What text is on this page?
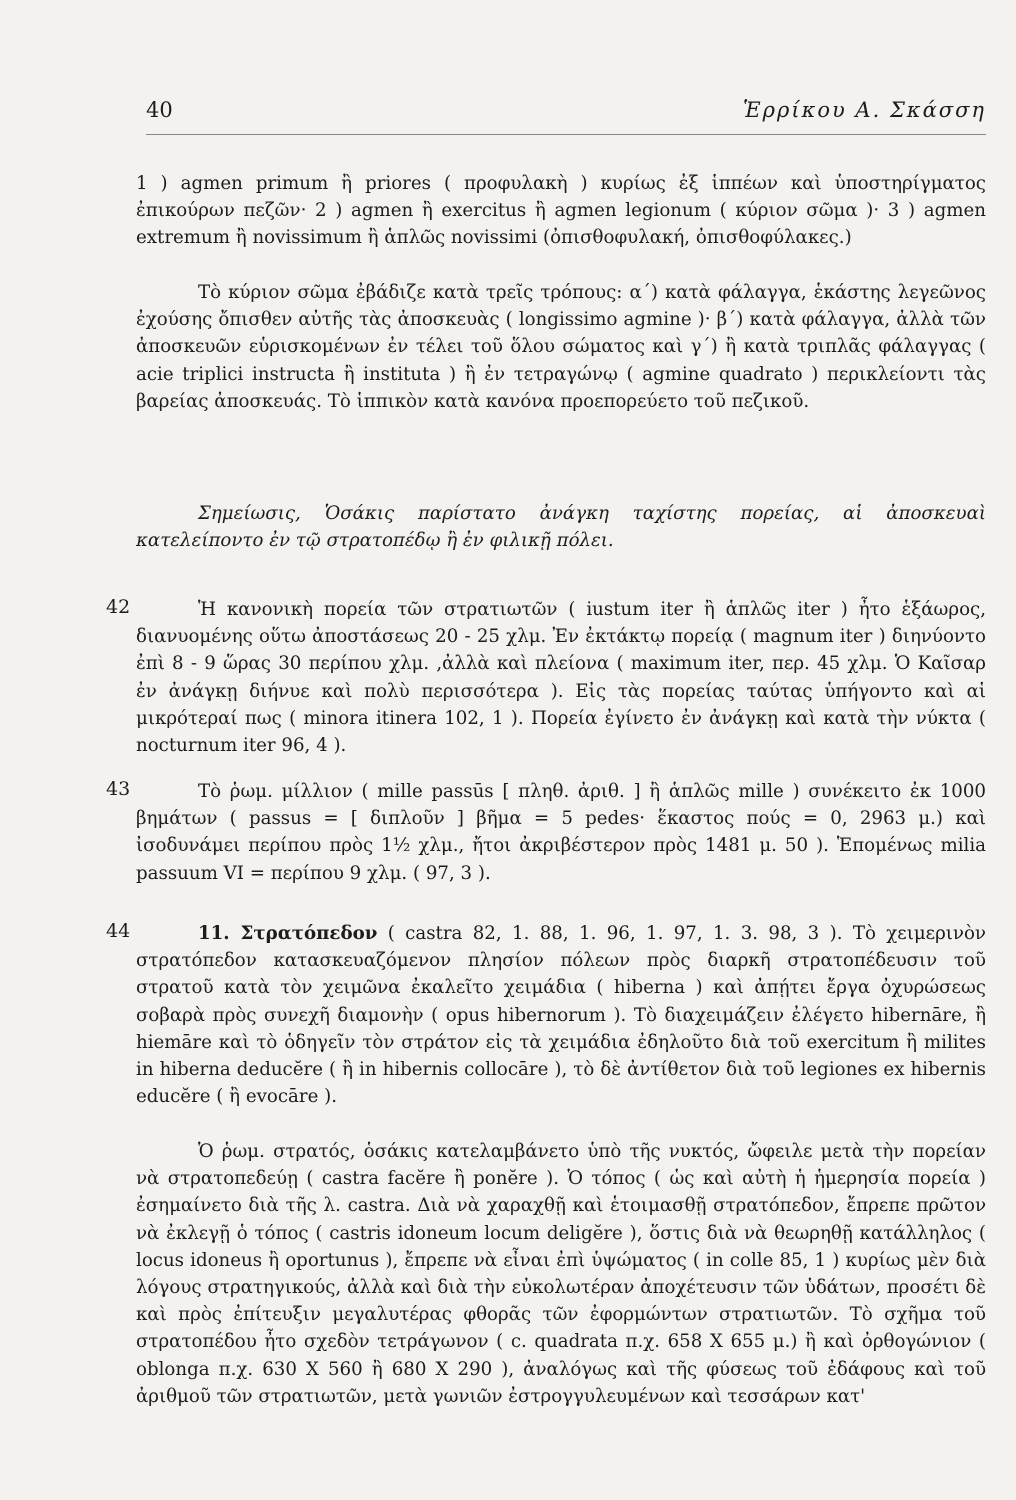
40	Ἑρρίκου Α. Σκάσση

1 ) agmen primum ἢ priores ( προφυλακὴ ) κυρίως ἐξ ἱππέων καὶ ὑποστηρίγματος ἐπικούρων πεζῶν· 2 ) agmen ἢ exercitus ἢ agmen legionum ( κύριον σῶμα )· 3 ) agmen extremum ἢ novissimum ἢ ἁπλῶς novissimi (ὀπισθοφυλακή, ὀπισθοφύλακες.)

Τὸ κύριον σῶμα ἐβάδιζε κατὰ τρεῖς τρόπους: α΄) κατὰ φάλαγγα, ἑκάστης λεγεῶνος ἐχούσης ὄπισθεν αὐτῆς τὰς ἀποσκευὰς ( longissimo agmine )· β΄) κατὰ φάλαγγα, ἀλλὰ τῶν ἀποσκευῶν εὑρισκομένων ἐν τέλει τοῦ ὅλου σώματος καὶ γ΄) ἢ κατὰ τριπλᾶς φάλαγγας ( acie triplici instructa ἢ instituta ) ἢ ἐν τετραγώνῳ ( agmine quadrato ) περικλείοντι τὰς βαρείας ἀποσκευάς. Τὸ ἱππικὸν κατὰ κανόνα προεπορεύετο τοῦ πεζικοῦ.

Σημείωσις, Ὁσάκις παρίστατο ἀνάγκη ταχίστης πορείας, αἱ ἀποσκευαὶ κατελείποντο ἐν τῷ στρατοπέδῳ ἢ ἐν φιλικῇ πόλει.

42	Ἡ κανονικὴ πορεία τῶν στρατιωτῶν ( iustum iter ἢ ἁπλῶς iter ) ἦτο ἑξάωρος, διανυομένης οὕτω ἀποστάσεως 20 - 25 χλμ. Ἐν ἐκτάκτῳ πορείᾳ ( magnum iter ) διηνύοντο ἐπὶ 8 - 9 ὥρας 30 περίπου χλμ. ,ἀλλὰ καὶ πλείονα ( maximum iter, περ. 45 χλμ. Ὁ Καῖσαρ ἐν ἀνάγκῃ διήνυε καὶ πολὺ περισσότερα ). Εἰς τὰς πορείας ταύτας ὑπήγοντο καὶ αἱ μικρότεραί πως ( minora itinera 102, 1 ). Πορεία ἐγίνετο ἐν ἀνάγκῃ καὶ κατὰ τὴν νύκτα ( nocturnum iter 96, 4 ).

43	Τὸ ῥωμ. μίλλιον ( mille passūs [ πληθ. ἀριθ. ] ἢ ἁπλῶς mille ) συνέκειτο ἐκ 1000 βημάτων ( passus = [ διπλοῦν ] βῆμα = 5 pedes· ἕκαστος πούς = 0, 2963 μ.) καὶ ἰσοδυνάμει περίπου πρὸς 1½ χλμ., ἤτοι ἀκριβέστερον πρὸς 1481 μ. 50 ). Ἑπομένως milia passuum VI = περίπου 9 χλμ. ( 97, 3 ).

44	11. Στρατόπεδον ( castra 82, 1. 88, 1. 96, 1. 97, 1. 3. 98, 3 ). Τὸ χειμερινὸν στρατόπεδον κατασκευαζόμενον πλησίον πόλεων πρὸς διαρκῆ στρατοπέδευσιν τοῦ στρατοῦ κατὰ τὸν χειμῶνα ἐκαλεῖτο χειμάδια ( hiberna ) καὶ ἀπῄτει ἔργα ὀχυρώσεως σοβαρὰ πρὸς συνεχῆ διαμονὴν ( opus hibernorum ). Τὸ διαχειμάζειν ἐλέγετο hibernāre, ἢ hiemāre καὶ τὸ ὁδηγεῖν τὸν στράτον εἰς τὰ χειμάδια ἐδηλοῦτο διὰ τοῦ exercitum ἢ milites in hiberna deducĕre ( ἢ in hibernis collocāre ), τὸ δὲ ἀντίθετον διὰ τοῦ legiones ex hibernis educĕre ( ἢ evocāre ).

Ὁ ῥωμ. στρατός, ὁσάκις κατελαμβάνετο ὑπὸ τῆς νυκτός, ὤφειλε μετὰ τὴν πορείαν νὰ στρατοπεδεύῃ ( castra facĕre ἢ ponĕre ). Ὁ τόπος ( ὡς καὶ αὐτὴ ἡ ἡμερησία πορεία ) ἐσημαίνετο διὰ τῆς λ. castra. Διὰ νὰ χαραχθῇ καὶ ἑτοιμασθῇ στρατόπεδον, ἔπρεπε πρῶτον νὰ ἐκλεγῇ ὁ τόπος ( castris idoneum locum deligĕre ), ὅστις διὰ νὰ θεωρηθῇ κατάλληλος ( locus idoneus ἢ oportunus ), ἔπρεπε νὰ εἶναι ἐπὶ ὑψώματος ( in colle 85, 1 ) κυρίως μὲν διὰ λόγους στρατηγικούς, ἀλλὰ καὶ διὰ τὴν εὐκολωτέραν ἀποχέτευσιν τῶν ὑδάτων, προσέτι δὲ καὶ πρὸς ἐπίτευξιν μεγαλυτέρας φθορᾶς τῶν ἐφορμώντων στρατιωτῶν. Τὸ σχῆμα τοῦ στρατοπέδου ἦτο σχεδὸν τετράγωνον ( c. quadrata π.χ. 658 X 655 μ.) ἢ καὶ ὀρθογώνιον ( oblonga π.χ. 630 X 560 ἢ 680 X 290 ), ἀναλόγως καὶ τῆς φύσεως τοῦ ἐδάφους καὶ τοῦ ἀριθμοῦ τῶν στρατιωτῶν, μετὰ γωνιῶν ἐστρογγυλευμένων καὶ τεσσάρων κατ'
